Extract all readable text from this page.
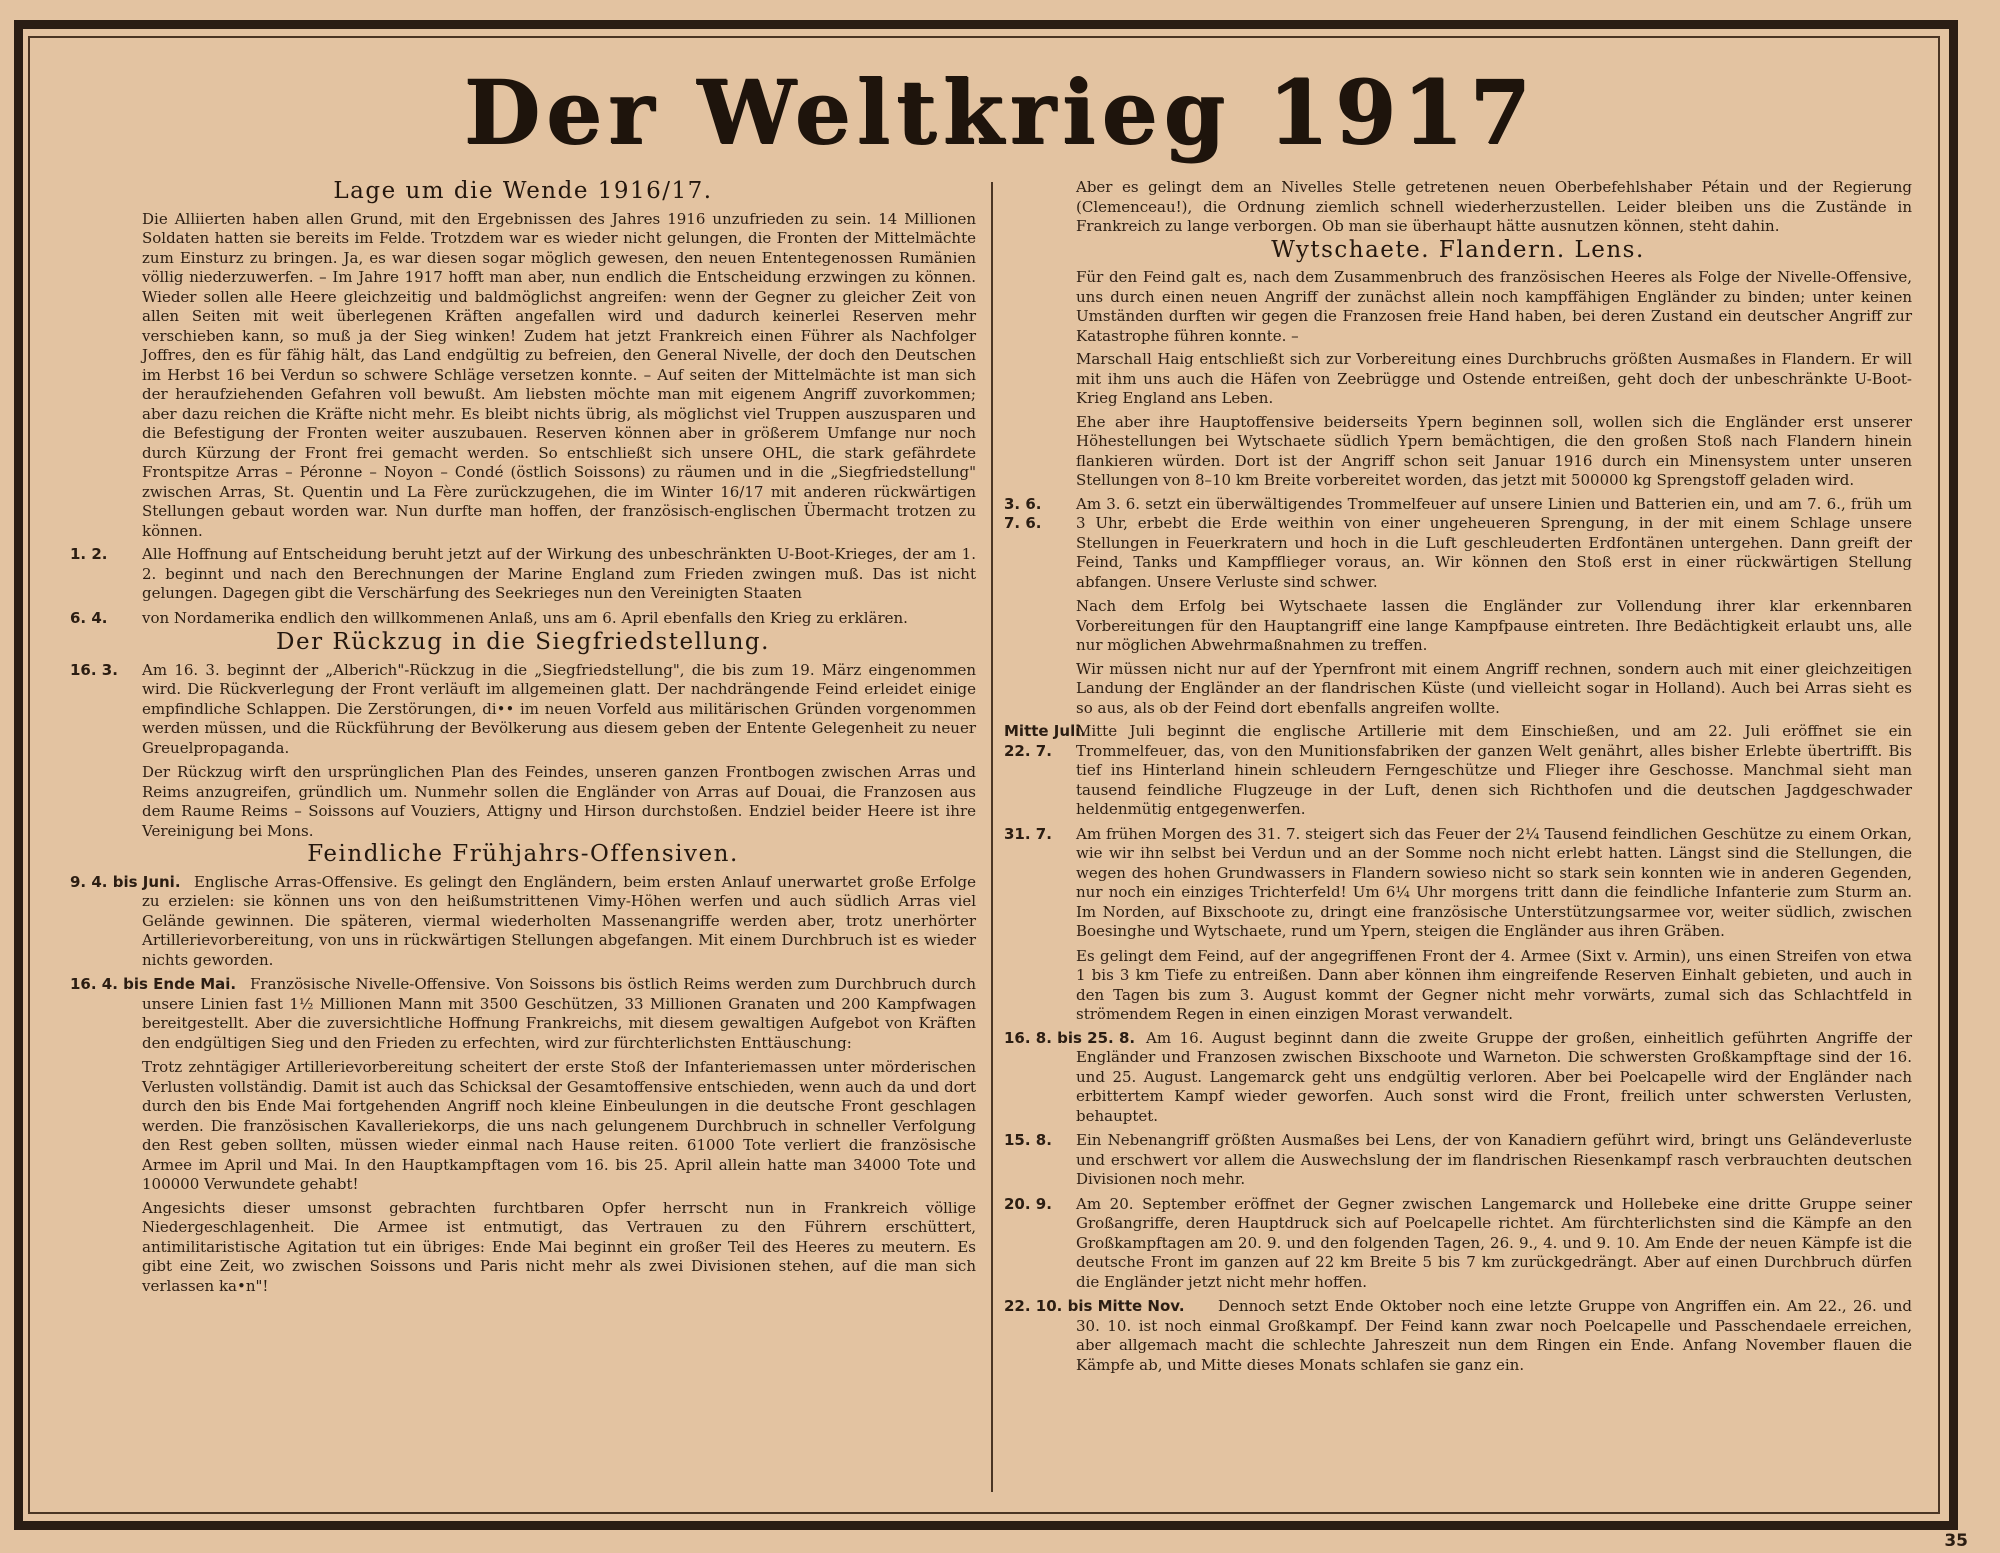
Der Weltkrieg 1917
Lage um die Wende 1916/17.

Die Alliierten haben allen Grund, mit den Ergebnissen des Jahres 1916 unzufrieden zu sein. 14 Millionen Soldaten hatten sie bereits im Felde. Trotzdem war es wieder nicht gelungen, die Fronten der Mittelmächte zum Einsturz zu bringen. Ja, es war diesen sogar möglich gewesen, den neuen Ententegenossen Rumänien völlig niederzuwerfen. – Im Jahre 1917 hofft man aber, nun endlich die Entscheidung erzwingen zu können. Wieder sollen alle Heere gleichzeitig und baldmöglichst angreifen: wenn der Gegner zu gleicher Zeit von allen Seiten mit weit überlegenen Kräften angefallen wird und dadurch keinerlei Reserven mehr verschieben kann, so muß ja der Sieg winken! Zudem hat jetzt Frankreich einen Führer als Nachfolger Joffres, den es für fähig hält, das Land endgültig zu befreien, den General Nivelle, der doch den Deutschen im Herbst 16 bei Verdun so schwere Schläge versetzen konnte. – Auf seiten der Mittelmächte ist man sich der heraufziehenden Gefahren voll bewußt. Am liebsten möchte man mit eigenem Angriff zuvorkommen; aber dazu reichen die Kräfte nicht mehr. Es bleibt nichts übrig, als möglichst viel Truppen auszusparen und die Befestigung der Fronten weiter auszubauen. Reserven können aber in größerem Umfange nur noch durch Kürzung der Front frei gemacht werden. So entschließt sich unsere OHL, die stark gefährdete Frontspitze Arras – Péronne – Noyon – Condé (östlich Soissons) zu räumen und in die „Siegfriedstellung" zwischen Arras, St. Quentin und La Fère zurückzugehen, die im Winter 16/17 mit anderen rückwärtigen Stellungen gebaut worden war. Nun durfte man hoffen, der französisch-englischen Übermacht trotzen zu können.

1. 2. Alle Hoffnung auf Entscheidung beruht jetzt auf der Wirkung des unbeschränkten U-Boot-Krieges, der am 1. 2. beginnt und nach den Berechnungen der Marine England zum Frieden zwingen muß. Das ist nicht gelungen. Dagegen gibt die Verschärfung des Seekrieges nun den Vereinigten Staaten
6. 4. von Nordamerika endlich den willkommenen Anlaß, uns am 6. April ebenfalls den Krieg zu erklären.
Der Rückzug in die Siegfriedstellung.
16. 3. Am 16. 3. beginnt der „Alberich"-Rückzug in die „Siegfriedstellung", die bis zum 19. März eingenommen wird. Die Rückverlegung der Front verläuft im allgemeinen glatt. Der nachdrängende Feind erleidet einige empfindliche Schlappen. Die Zerstörungen, di•• im neuen Vorfeld aus militärischen Gründen vorgenommen werden müssen, und die Rückführung der Bevölkerung aus diesem geben der Entente Gelegenheit zu neuer Greuelpropaganda.

Der Rückzug wirft den ursprünglichen Plan des Feindes, unseren ganzen Frontbogen zwischen Arras und Reims anzugreifen, gründlich um. Nunmehr sollen die Engländer von Arras auf Douai, die Franzosen aus dem Raume Reims – Soissons auf Vouziers, Attigny und Hirson durchstoßen. Endziel beider Heere ist ihre Vereinigung bei Mons.

Feindliche Frühjahrs-Offensiven.
9. 4. bis Juni. Englische Arras-Offensive. Es gelingt den Engländern, beim ersten Anlauf unerwartet große Erfolge zu erzielen: sie können uns von den heißumstrittenen Vimy-Höhen werfen und auch südlich Arras viel Gelände gewinnen. Die späteren, viermal wiederholten Massenangriffe werden aber, trotz unerhörter Artillerievorbereitung, von uns in rückwärtigen Stellungen abgefangen. Mit einem Durchbruch ist es wieder nichts geworden.
16. 4. bis Ende Mai. Französische Nivelle-Offensive. Von Soissons bis östlich Reims werden zum Durchbruch durch unsere Linien fast 1½ Millionen Mann mit 3500 Geschützen, 33 Millionen Granaten und 200 Kampfwagen bereitgestellt. Aber die zuversichtliche Hoffnung Frankreichs, mit diesem gewaltigen Aufgebot von Kräften den endgültigen Sieg und den Frieden zu erfechten, wird zur fürchterlichsten Enttäuschung:

Trotz zehntägiger Artillerievorbereitung scheitert der erste Stoß der Infanteriemassen unter mörderischen Verlusten vollständig. Damit ist auch das Schicksal der Gesamtoffensive entschieden, wenn auch da und dort durch den bis Ende Mai fortgehenden Angriff noch kleine Einbeulungen in die deutsche Front geschlagen werden. Die französischen Kavalleriekorps, die uns nach gelungenem Durchbruch in schneller Verfolgung den Rest geben sollten, müssen wieder einmal nach Hause reiten. 61000 Tote verliert die französische Armee im April und Mai. In den Hauptkampftagen vom 16. bis 25. April allein hatte man 34000 Tote und 100000 Verwundete gehabt!

Angesichts dieser umsonst gebrachten furchtbaren Opfer herrscht nun in Frankreich völlige Niedergeschlagenheit. Die Armee ist entmutigt, das Vertrauen zu den Führern erschüttert, antimilitaristische Agitation tut ein übriges: Ende Mai beginnt ein großer Teil des Heeres zu meutern. Es gibt eine Zeit, wo zwischen Soissons und Paris nicht mehr als zwei Divisionen stehen, auf die man sich verlassen ka•n"!

Aber es gelingt dem an Nivelles Stelle getretenen neuen Oberbefehlshaber Pétain und der Regierung (Clemenceau!), die Ordnung ziemlich schnell wiederherzustellen. Leider bleiben uns die Zustände in Frankreich zu lange verborgen. Ob man sie überhaupt hätte ausnutzen können, steht dahin.

Wytschaete. Flandern. Lens.

Für den Feind galt es, nach dem Zusammenbruch des französischen Heeres als Folge der Nivelle-Offensive, uns durch einen neuen Angriff der zunächst allein noch kampffähigen Engländer zu binden; unter keinen Umständen durften wir gegen die Franzosen freie Hand haben, bei deren Zustand ein deutscher Angriff zur Katastrophe führen konnte. –

Marschall Haig entschließt sich zur Vorbereitung eines Durchbruchs größten Ausmaßes in Flandern. Er will mit ihm uns auch die Häfen von Zeebrügge und Ostende entreißen, geht doch der unbeschränkte U-Boot-Krieg England ans Leben.

Ehe aber ihre Hauptoffensive beiderseits Ypern beginnen soll, wollen sich die Engländer erst unserer Höhestellungen bei Wytschaete südlich Ypern bemächtigen, die den großen Stoß nach Flandern hinein flankieren würden. Dort ist der Angriff schon seit Januar 1916 durch ein Minensystem unter unseren Stellungen von 8–10 km Breite vorbereitet worden, das jetzt mit 500000 kg Sprengstoff geladen wird.

3. 6.
7. 6.
Am 3. 6. setzt ein überwältigendes Trommelfeuer auf unsere Linien und Batterien ein, und am 7. 6., früh um 3 Uhr, erbebt die Erde weithin von einer ungeheueren Sprengung, in der mit einem Schlage unsere Stellungen in Feuerkratern und hoch in die Luft geschleuderten Erdfontänen untergehen. Dann greift der Feind, Tanks und Kampfflieger voraus, an. Wir können den Stoß erst in einer rückwärtigen Stellung abfangen. Unsere Verluste sind schwer.

Nach dem Erfolg bei Wytschaete lassen die Engländer zur Vollendung ihrer klar erkennbaren Vorbereitungen für den Hauptangriff eine lange Kampfpause eintreten. Ihre Bedächtigkeit erlaubt uns, alle nur möglichen Abwehrmaßnahmen zu treffen.

Wir müssen nicht nur auf der Ypernfront mit einem Angriff rechnen, sondern auch mit einer gleichzeitigen Landung der Engländer an der flandrischen Küste (und vielleicht sogar in Holland). Auch bei Arras sieht es so aus, als ob der Feind dort ebenfalls angreifen wollte.

Mitte Juli.
22. 7.
Mitte Juli beginnt die englische Artillerie mit dem Einschießen, und am 22. Juli eröffnet sie ein Trommelfeuer, das, von den Munitionsfabriken der ganzen Welt genährt, alles bisher Erlebte übertrifft. Bis tief ins Hinterland hinein schleudern Ferngeschütze und Flieger ihre Geschosse. Manchmal sieht man tausend feindliche Flugzeuge in der Luft, denen sich Richthofen und die deutschen Jagdgeschwader heldenmütig entgegenwerfen.
31. 7. Am frühen Morgen des 31. 7. steigert sich das Feuer der 2¼ Tausend feindlichen Geschütze zu einem Orkan, wie wir ihn selbst bei Verdun und an der Somme noch nicht erlebt hatten. Längst sind die Stellungen, die wegen des hohen Grundwassers in Flandern sowieso nicht so stark sein konnten wie in anderen Gegenden, nur noch ein einziges Trichterfeld! Um 6¼ Uhr morgens tritt dann die feindliche Infanterie zum Sturm an. Im Norden, auf Bixschoote zu, dringt eine französische Unterstützungsarmee vor, weiter südlich, zwischen Boesinghe und Wytschaete, rund um Ypern, steigen die Engländer aus ihren Gräben.

Es gelingt dem Feind, auf der angegriffenen Front der 4. Armee (Sixt v. Armin), uns einen Streifen von etwa 1 bis 3 km Tiefe zu entreißen. Dann aber können ihm eingreifende Reserven Einhalt gebieten, und auch in den Tagen bis zum 3. August kommt der Gegner nicht mehr vorwärts, zumal sich das Schlachtfeld in strömendem Regen in einen einzigen Morast verwandelt.

16. 8. bis 25. 8. Am 16. August beginnt dann die zweite Gruppe der großen, einheitlich geführten Angriffe der Engländer und Franzosen zwischen Bixschoote und Warneton. Die schwersten Großkampftage sind der 16. und 25. August. Langemarck geht uns endgültig verloren. Aber bei Poelcapelle wird der Engländer nach erbittertem Kampf wieder geworfen. Auch sonst wird die Front, freilich unter schwersten Verlusten, behauptet.
15. 8. Ein Nebenangriff größten Ausmaßes bei Lens, der von Kanadiern geführt wird, bringt uns Geländeverluste und erschwert vor allem die Auswechslung der im flandrischen Riesenkampf rasch verbrauchten deutschen Divisionen noch mehr.
20. 9. Am 20. September eröffnet der Gegner zwischen Langemarck und Hollebeke eine dritte Gruppe seiner Großangriffe, deren Hauptdruck sich auf Poelcapelle richtet. Am fürchterlichsten sind die Kämpfe an den Großkampftagen am 20. 9. und den folgenden Tagen, 26. 9., 4. und 9. 10. Am Ende der neuen Kämpfe ist die deutsche Front im ganzen auf 22 km Breite 5 bis 7 km zurückgedrängt. Aber auf einen Durchbruch dürfen die Engländer jetzt nicht mehr hoffen.
22. 10. bis Mitte Nov. Dennoch setzt Ende Oktober noch eine letzte Gruppe von Angriffen ein. Am 22., 26. und 30. 10. ist noch einmal Großkampf. Der Feind kann zwar noch Poelcapelle und Passchendaele erreichen, aber allgemach macht die schlechte Jahreszeit nun dem Ringen ein Ende. Anfang November flauen die Kämpfe ab, und Mitte dieses Monats schlafen sie ganz ein.
35
